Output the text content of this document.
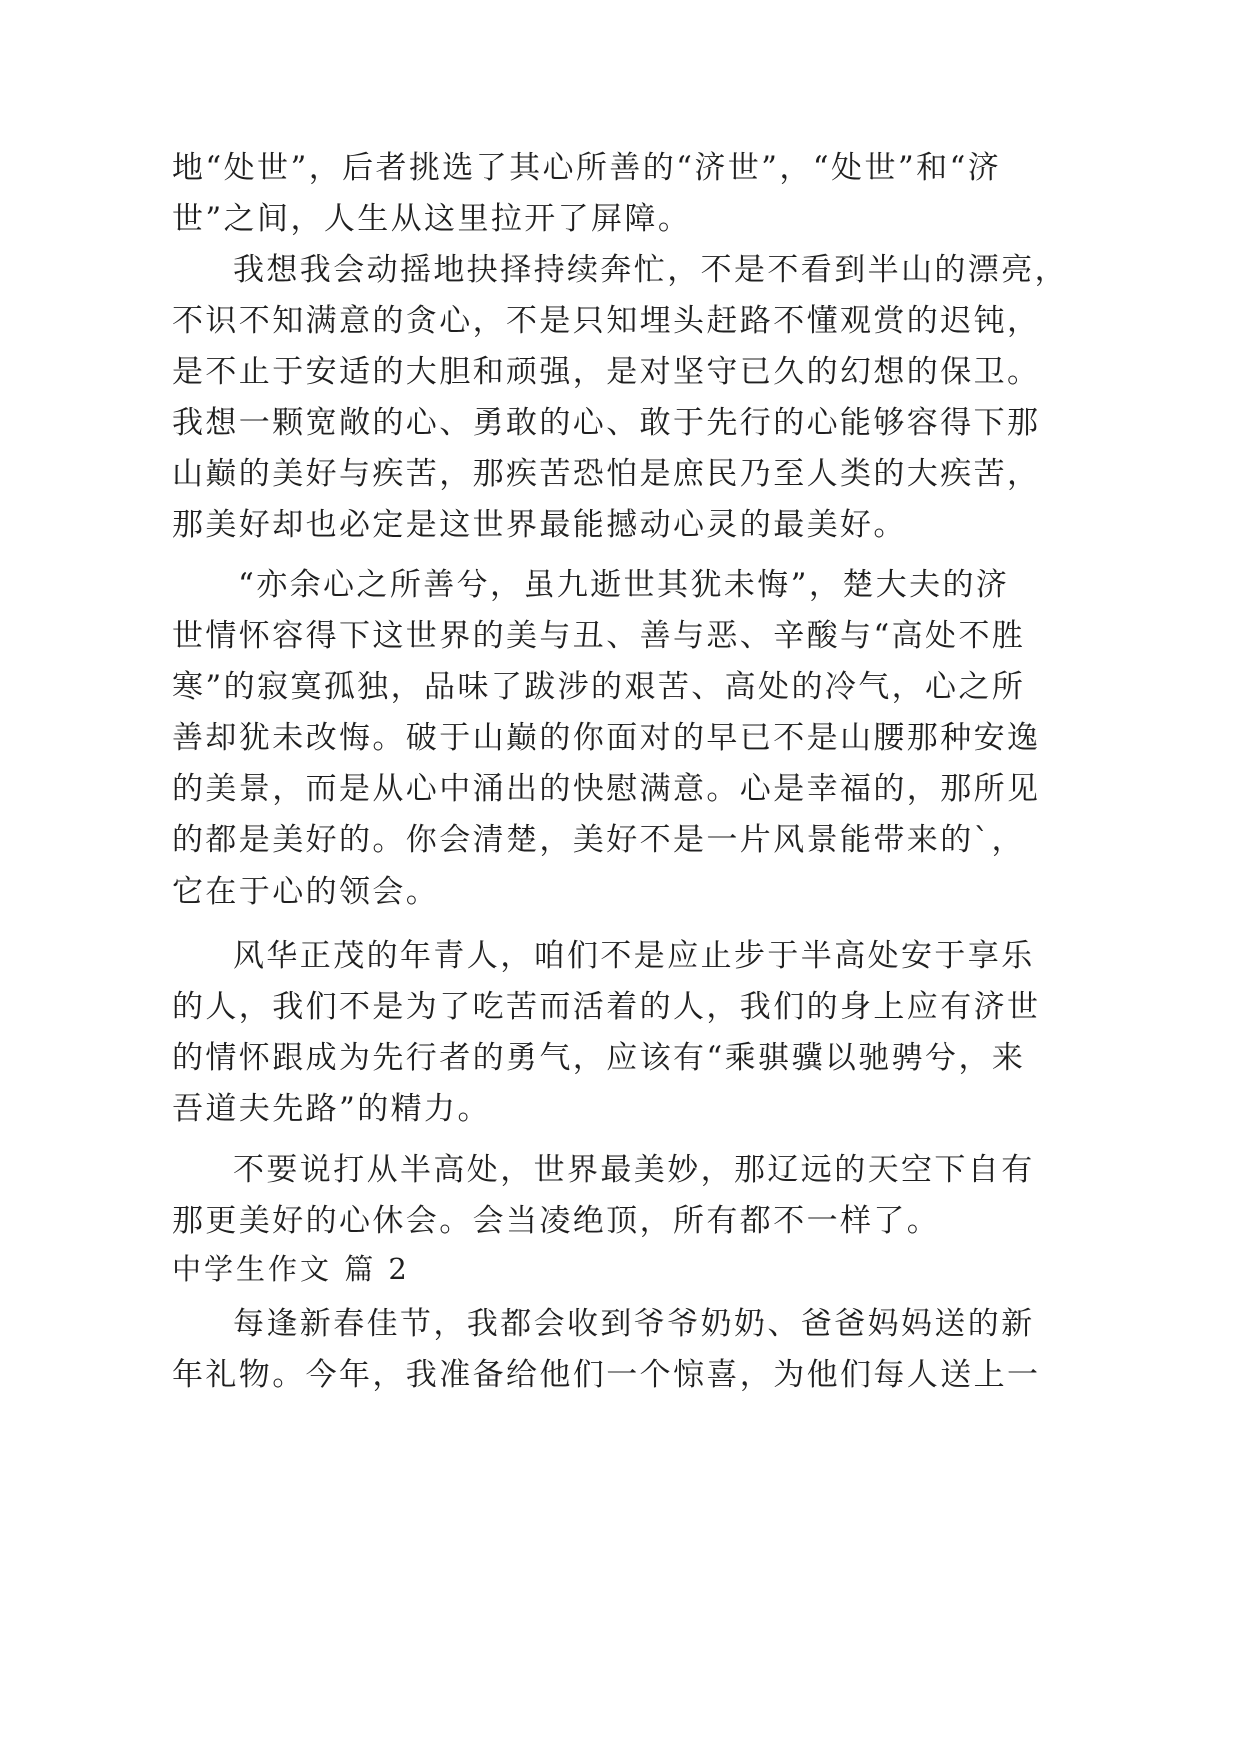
地“处世”，后者挑选了其心所善的“济世”，“处世”和“济

世”之间，人生从这里拉开了屏障。

我想我会动摇地抉择持续奔忙，不是不看到半山的漂亮，

不识不知满意的贪心，不是只知埋头赶路不懂观赏的迟钝，

是不止于安适的大胆和顽强，是对坚守已久的幻想的保卫。

我想一颗宽敞的心、勇敢的心、敢于先行的心能够容得下那

山巅的美好与疾苦，那疾苦恐怕是庶民乃至人类的大疾苦，

那美好却也必定是这世界最能撼动心灵的最美好。

“亦余心之所善兮，虽九逝世其犹未悔”，楚大夫的济

世情怀容得下这世界的美与丑、善与恶、辛酸与“高处不胜

寒”的寂寞孤独，品味了跋涉的艰苦、高处的冷气，心之所

善却犹未改悔。破于山巅的你面对的早已不是山腰那种安逸

的美景，而是从心中涌出的快慰满意。心是幸福的，那所见

的都是美好的。你会清楚，美好不是一片风景能带来的`，

它在于心的领会。

风华正茂的年青人，咱们不是应止步于半高处安于享乐

的人，我们不是为了吃苦而活着的人，我们的身上应有济世

的情怀跟成为先行者的勇气，应该有“乘骐骥以驰骋兮，来

吾道夫先路”的精力。

不要说打从半高处，世界最美妙，那辽远的天空下自有

那更美好的心休会。会当凌绝顶，所有都不一样了。

中学生作文 篇 2

每逢新春佳节，我都会收到爷爷奶奶、爸爸妈妈送的新

年礼物。今年，我准备给他们一个惊喜，为他们每人送上一
